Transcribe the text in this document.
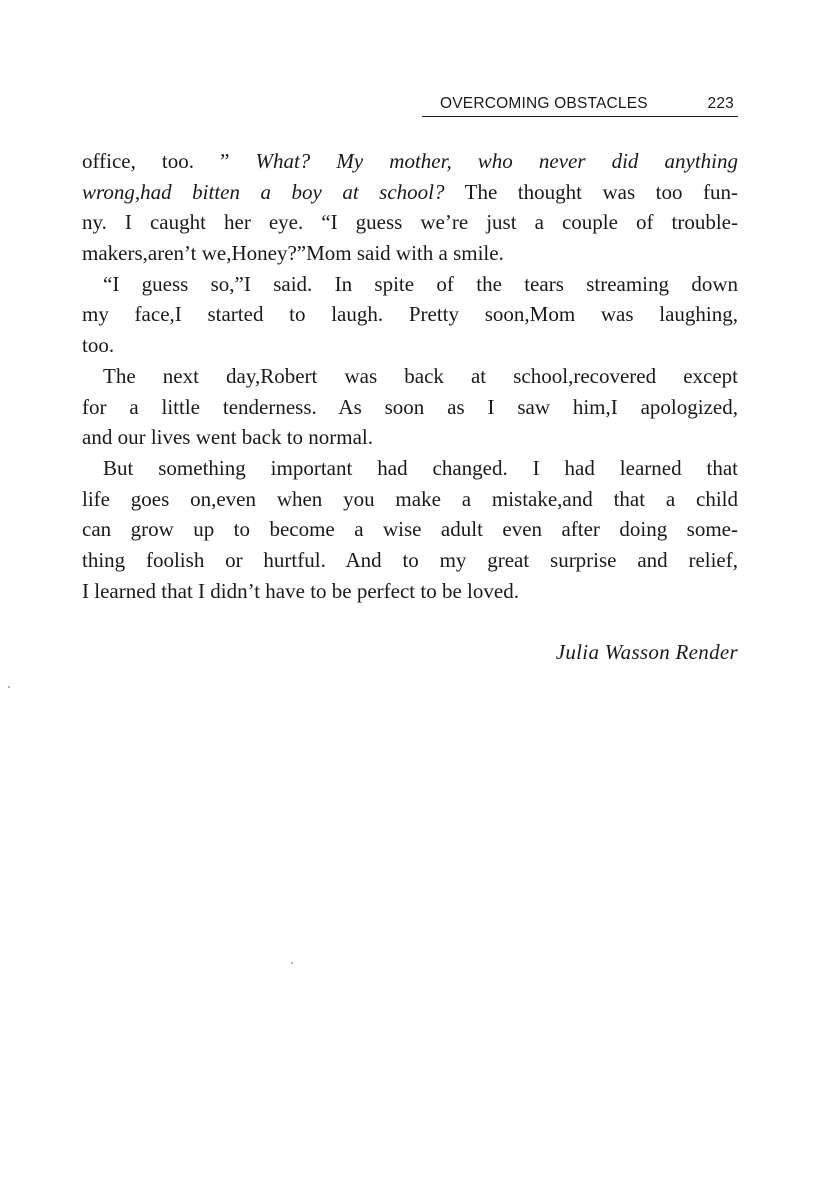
OVERCOMING OBSTACLES	223
office, too. ” What? My mother, who never did anything
wrong,had bitten a boy at school? The thought was too fun-
ny. I caught her eye. “I guess we’re just a couple of trouble-
makers,aren’t we,Honey?”Mom said with a smile.
“I guess so,”I said. In spite of the tears streaming down
my face,I started to laugh. Pretty soon,Mom was laughing,
too.
The next day,Robert was back at school,recovered except
for a little tenderness. As soon as I saw him,I apologized,
and our lives went back to normal.
But something important had changed. I had learned that
life goes on,even when you make a mistake,and that a child
can grow up to become a wise adult even after doing some-
thing foolish or hurtful. And to my great surprise and relief,
I learned that I didn’t have to be perfect to be loved.
Julia Wasson Render
